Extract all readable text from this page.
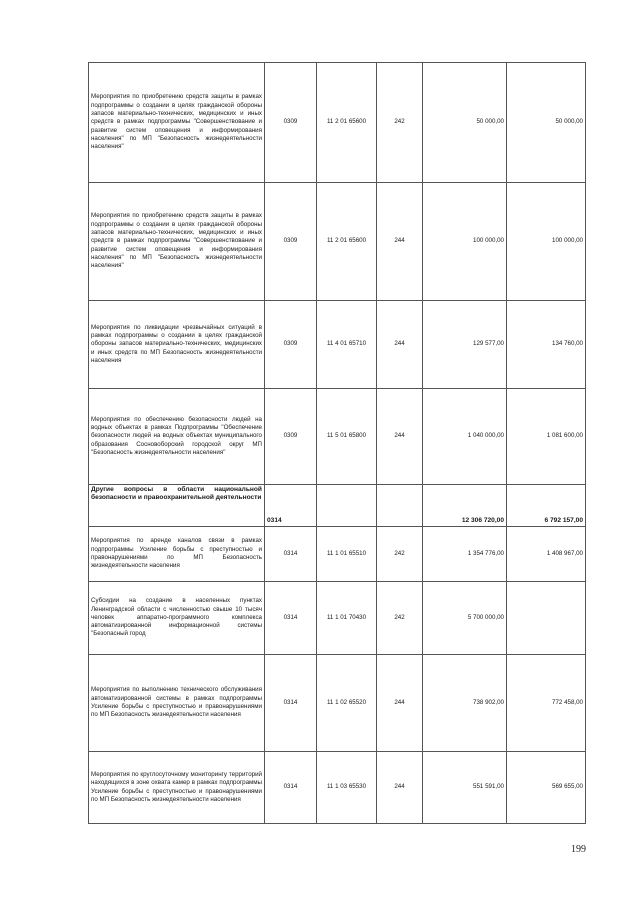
Мероприятия по приобретению средств защиты в рамках подпрограммы о создании в целях гражданской обороны запасов материально-технических, медицинских и иных средств в рамках подпрограммы "Совершенствование и развитие систем оповещения и информирования населения" по МП "Безопасность жизнедеятельности населения"	0309	11 2 01 65600	242	50 000,00	50 000,00
Мероприятия по приобретению средств защиты в рамках подпрограммы о создании в целях гражданской обороны запасов материально-технических, медицинских и иных средств в рамках подпрограммы "Совершенствование и развитие систем оповещения и информирования населения" по МП "Безопасность жизнедеятельности населения"	0309	11 2 01 65600	244	100 000,00	100 000,00
Мероприятия по ликвидации чрезвычайных ситуаций в рамках подпрограммы о создании в целях гражданской обороны запасов материально-технических, медицинских и иных средств по МП Безопасность жизнедеятельности населения	0309	11 4 01 65710	244	129 577,00	134 760,00
Мероприятия по обеспечению безопасности людей на водных объектах в рамках Подпрограммы "Обеспечение безопасности людей на водных объектах муниципального образования Сосновоборский городской округ МП "Безопасность жизнедеятельности населения"	0309	11 5 01 65800	244	1 040 000,00	1 081 600,00
Другие вопросы в области национальной безопасности и правоохранительной деятельности	0314			12 306 720,00	6 792 157,00
Мероприятия по аренде каналов связи в рамках подпрограммы Усиление борьбы с преступностью и правонарушениями по МП Безопасность жизнедеятельности населения	0314	11 1 01 65510	242	1 354 776,00	1 408 967,00
Субсидии на создание в населенных пунктах Ленинградской области с численностью свыше 10 тысяч человек аппаратно-программного комплекса автоматизированной информационной системы "Безопасный город	0314	11 1 01 70430	242	5 700 000,00	
Мероприятия по выполнению технического обслуживания автоматизированной системы в рамках подпрограммы Усиление борьбы с преступностью и правонарушениями по МП Безопасность жизнедеятельности населения	0314	11 1 02 65520	244	738 902,00	772 458,00
Мероприятия по круглосуточному мониторингу территорий находящихся в зоне охвата камер в рамках подпрограммы Усиление борьбы с преступностью и правонарушениями по МП Безопасность жизнедеятельности населения	0314	11 1 03 65530	244	551 591,00	569 655,00
199
